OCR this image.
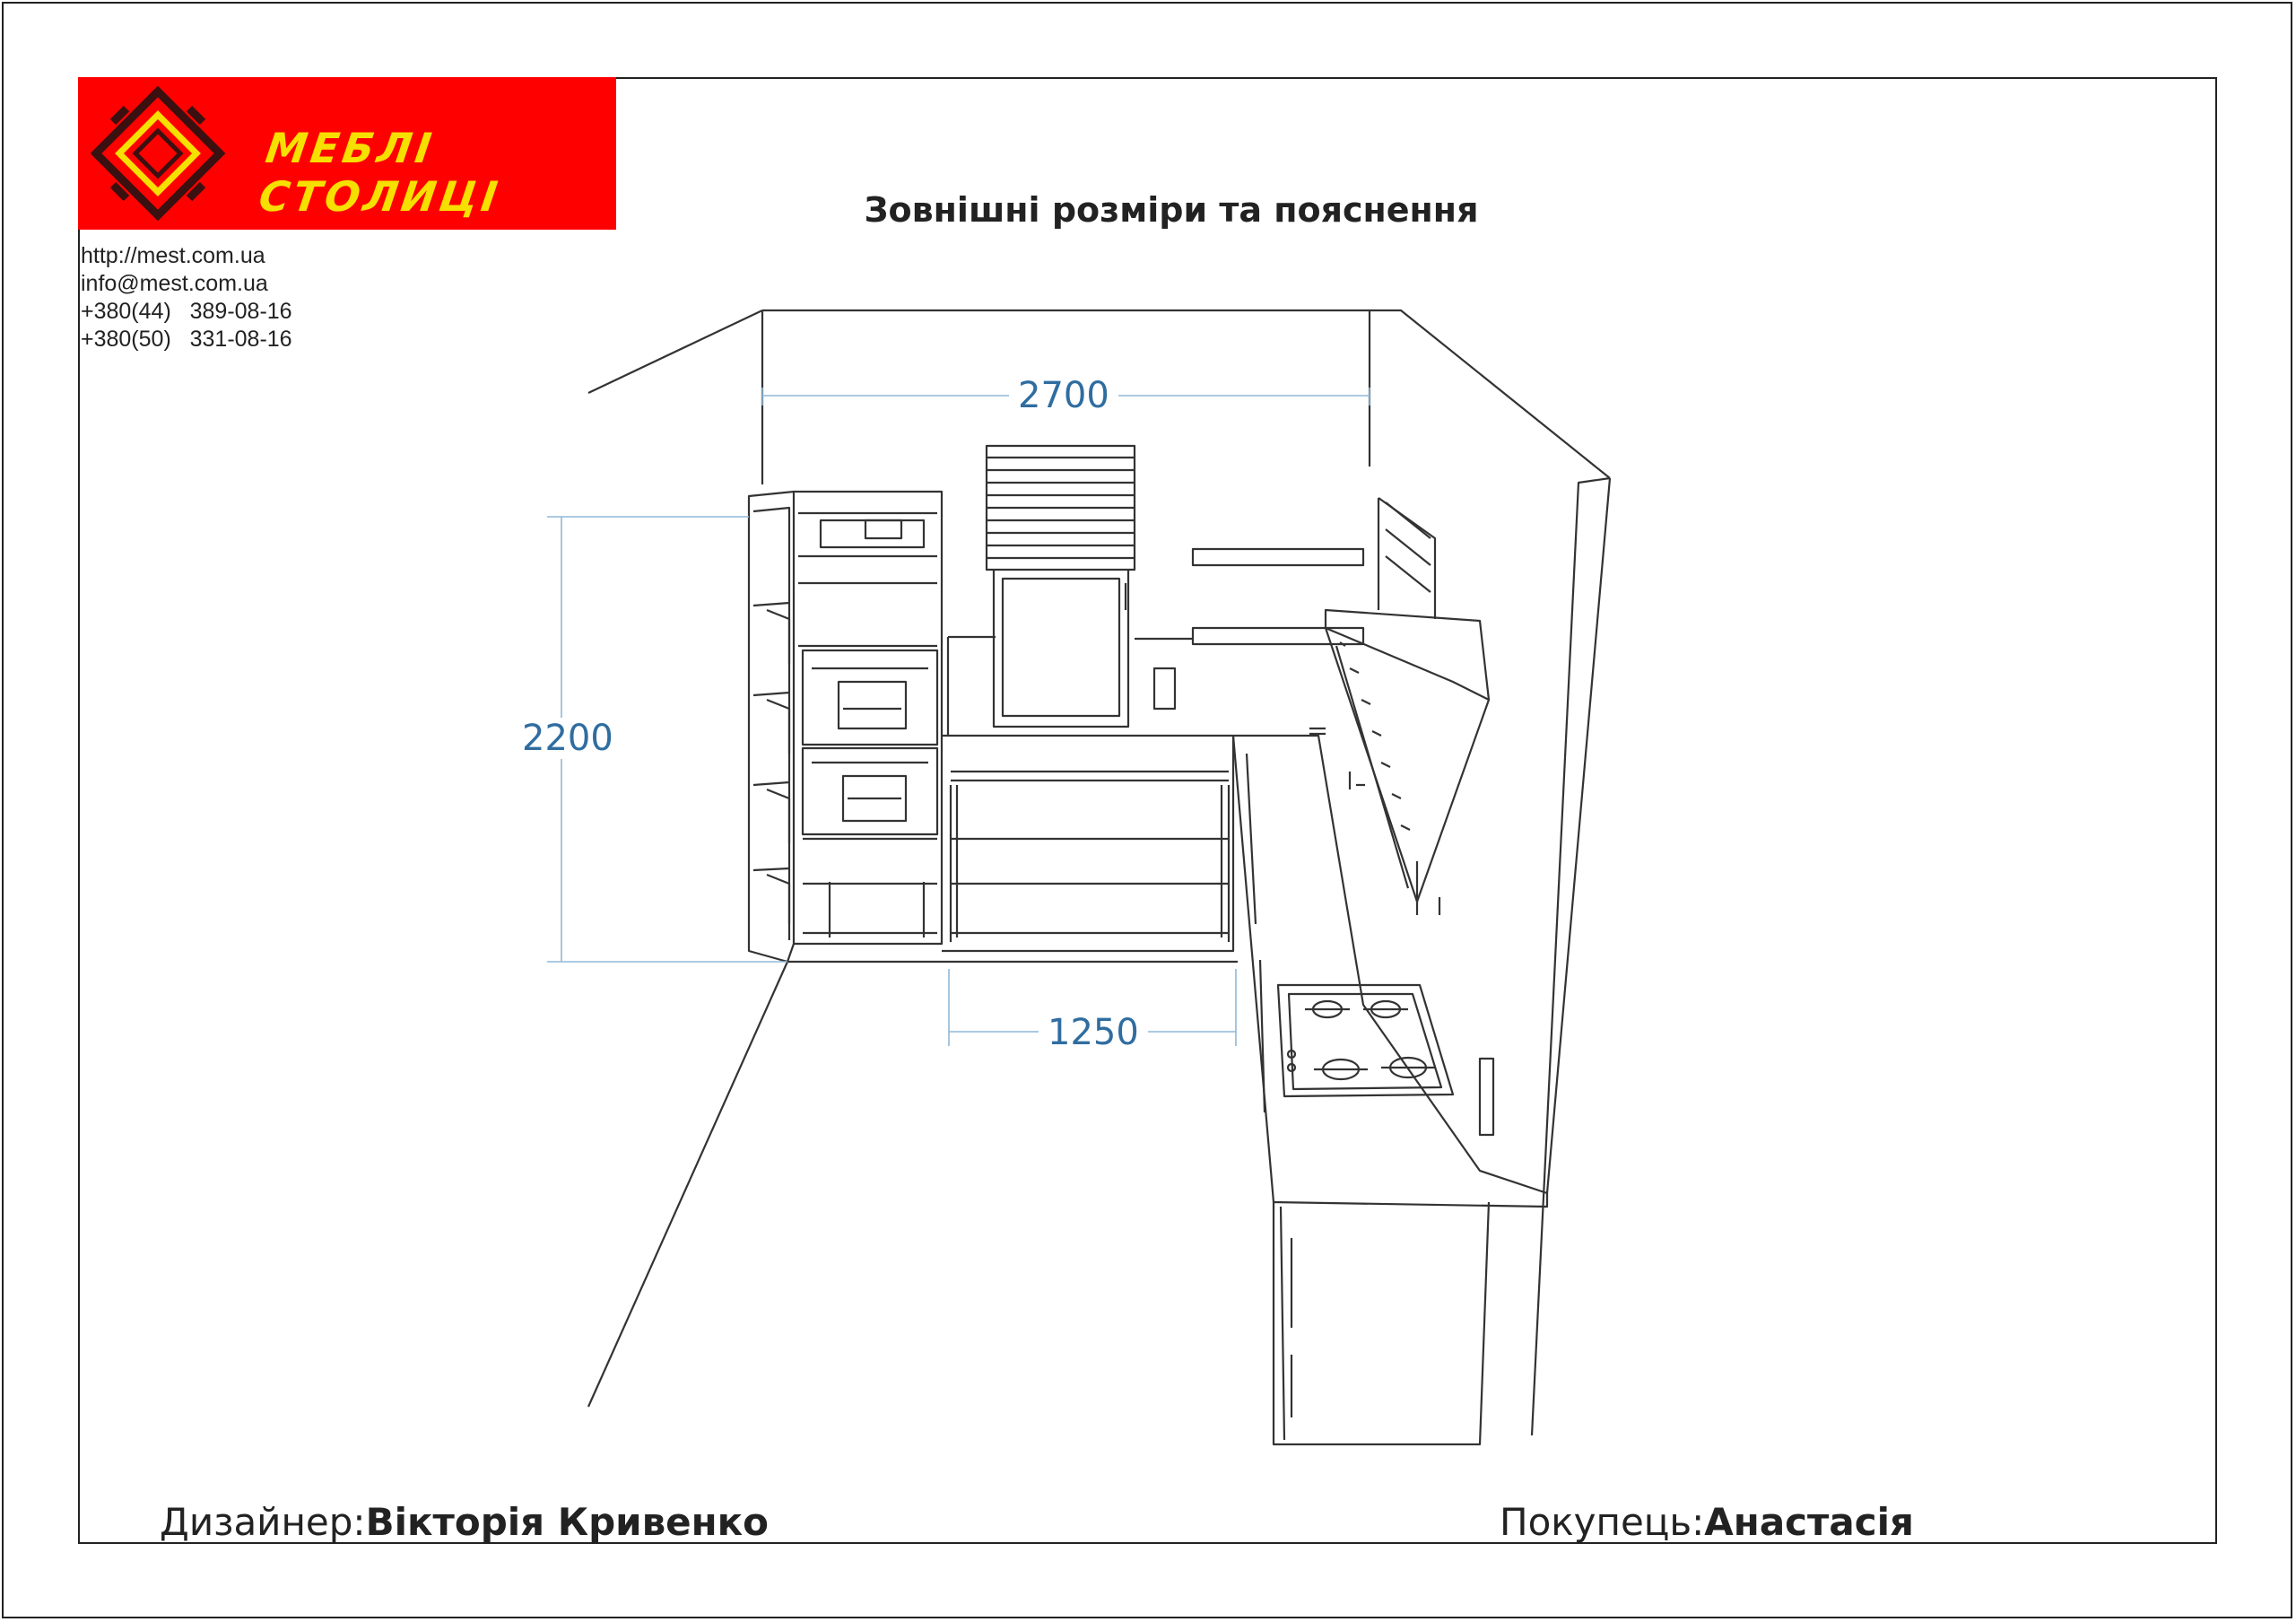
МЕБЛІ СТОЛИЦІ
http://mest.com.ua
info@mest.com.ua
+380(44)   389-08-16
+380(50)   331-08-16
Зовнішні розміри та пояснення
2700
2200
1250
Дизайнер:Вікторія Кривенко	Покупець:Анастасія
